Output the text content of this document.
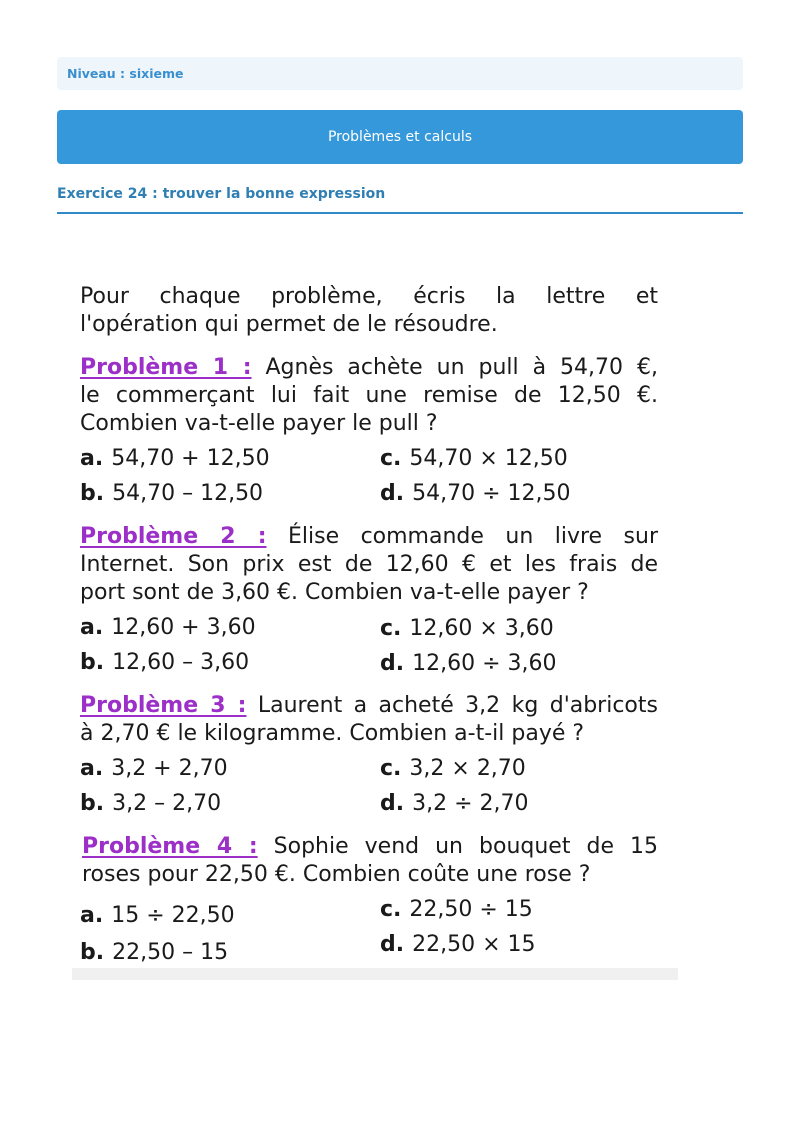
Niveau : sixieme
Problèmes et calculs
Exercice 24 : trouver la bonne expression
Pour chaque problème, écris la lettre et
l'opération qui permet de le résoudre.
Problème 1 : Agnès achète un pull à 54,70 €,
le commerçant lui fait une remise de 12,50 €.
Combien va-t-elle payer le pull ?
a. 54,70 + 12,50
b. 54,70 – 12,50
c. 54,70 × 12,50
d. 54,70 ÷ 12,50
Problème 2 : Élise commande un livre sur
Internet. Son prix est de 12,60 € et les frais de
port sont de 3,60 €. Combien va-t-elle payer ?
a. 12,60 + 3,60
b. 12,60 – 3,60
c. 12,60 × 3,60
d. 12,60 ÷ 3,60
Problème 3 : Laurent a acheté 3,2 kg d'abricots
à 2,70 € le kilogramme. Combien a-t-il payé ?
a. 3,2 + 2,70
b. 3,2 – 2,70
c. 3,2 × 2,70
d. 3,2 ÷ 2,70
Problème 4 : Sophie vend un bouquet de 15
roses pour 22,50 €. Combien coûte une rose ?
a. 15 ÷ 22,50
b. 22,50 – 15
c. 22,50 ÷ 15
d. 22,50 × 15
